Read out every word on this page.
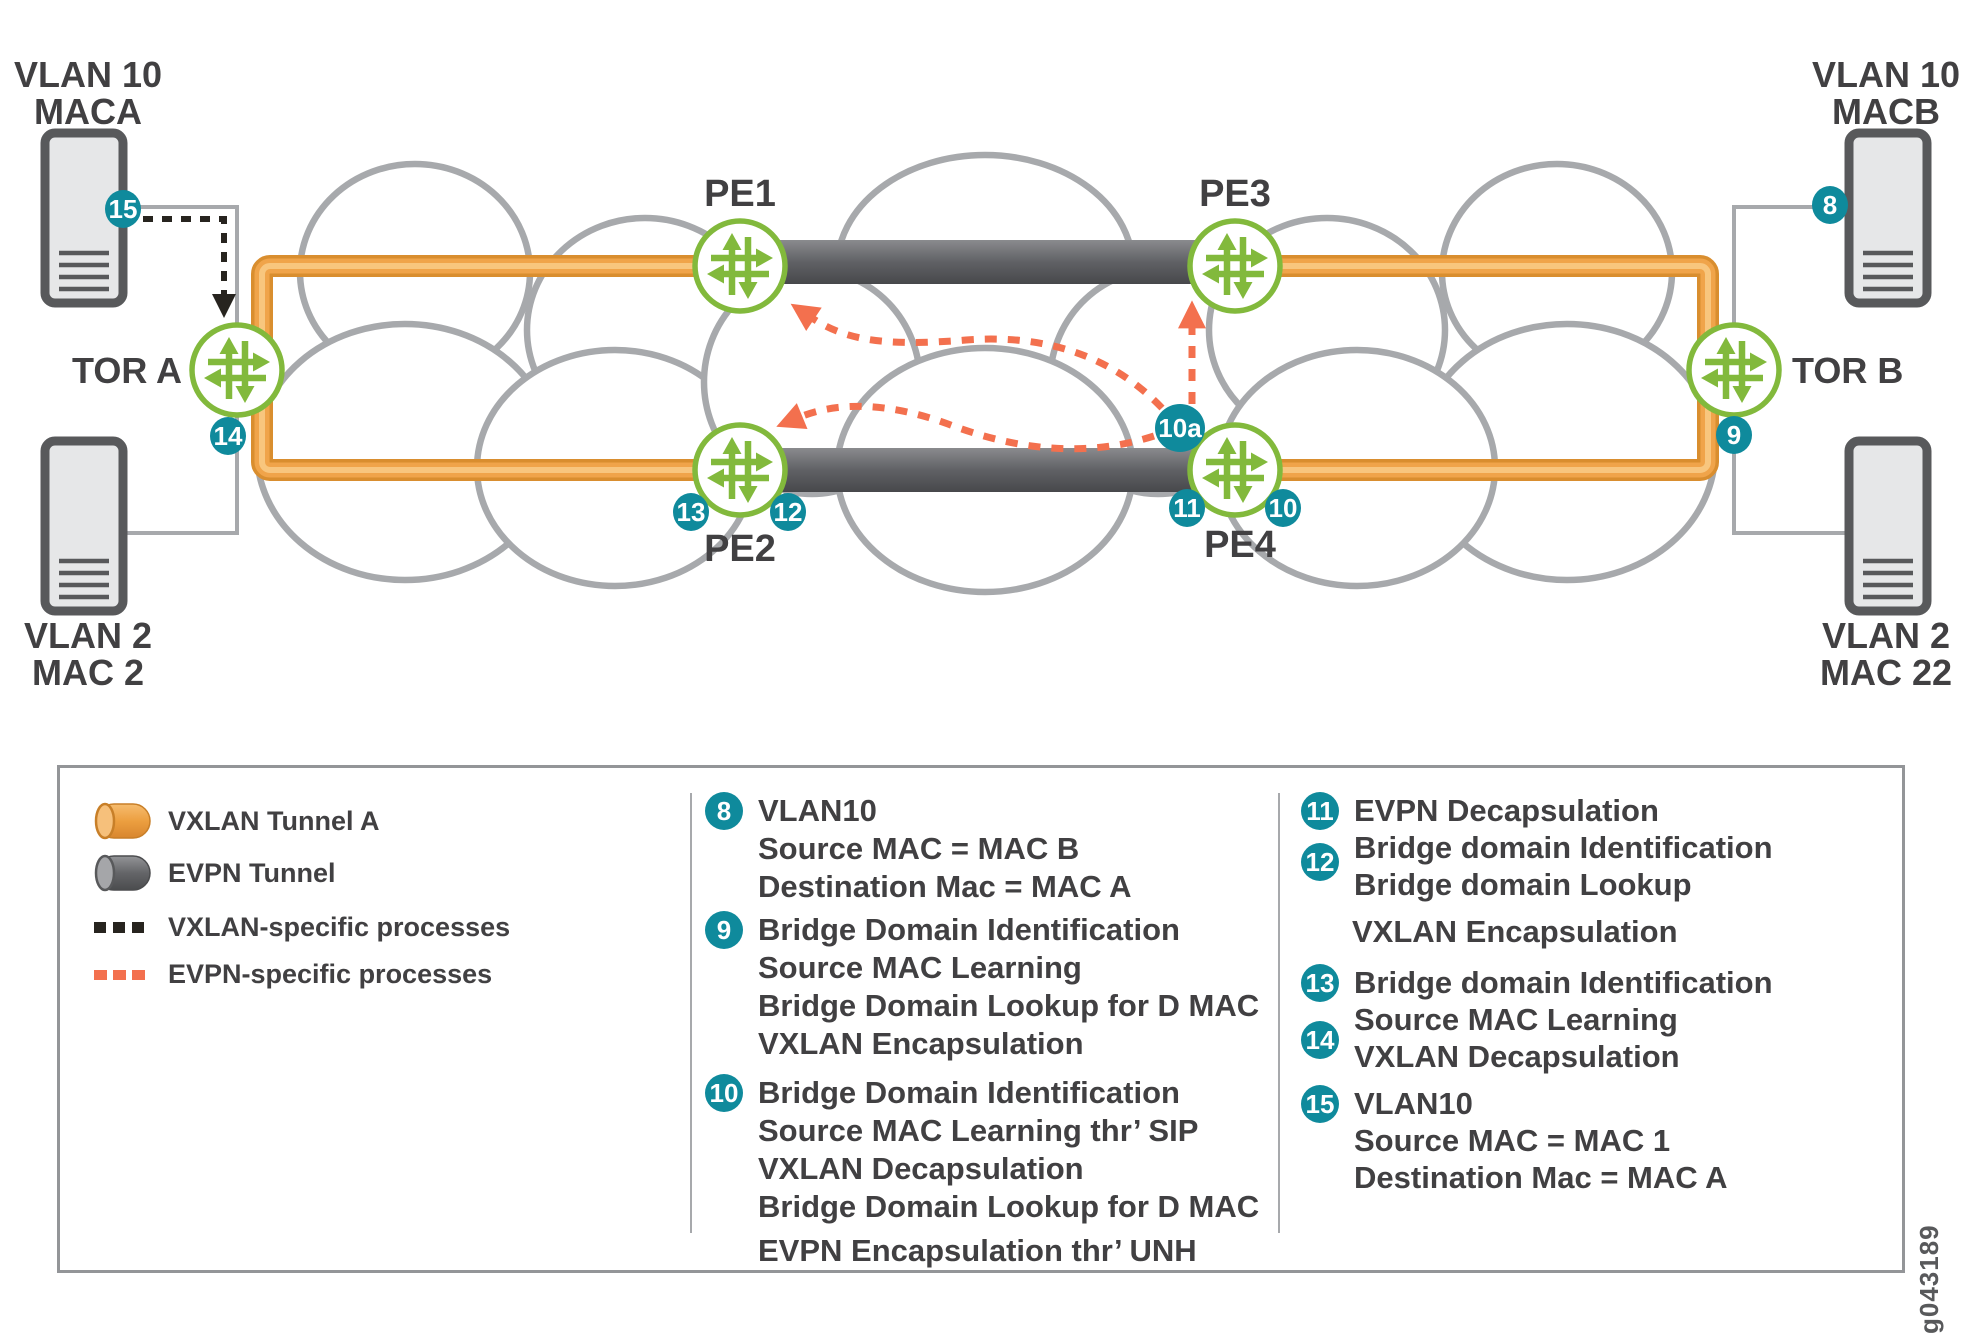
15
14
13	12	11	10
10a	9
8
VLAN 10
MACA
VLAN 2
MAC 2
VLAN 10
MACB
VLAN 2
MAC 22
TOR A	TOR B
PE1	PE3
PE2	PE4
VXLAN Tunnel A
EVPN Tunnel
VXLAN-specific processes
EVPN-specific processes
8 VLAN10
Source MAC = MAC B
Destination Mac = MAC A
9 Bridge Domain Identification
Source MAC Learning
Bridge Domain Lookup for D MAC
VXLAN Encapsulation
10 Bridge Domain Identification
Source MAC Learning thr’ SIP
VXLAN Decapsulation
Bridge Domain Lookup for D MAC
EVPN Encapsulation thr’ UNH
11
12
EVPN Decapsulation
Bridge domain Identification
Bridge domain Lookup
VXLAN Encapsulation
13
14
Bridge domain Identification
Source MAC Learning
VXLAN Decapsulation
15 VLAN10
Source MAC = MAC 1
Destination Mac = MAC A
g043189
